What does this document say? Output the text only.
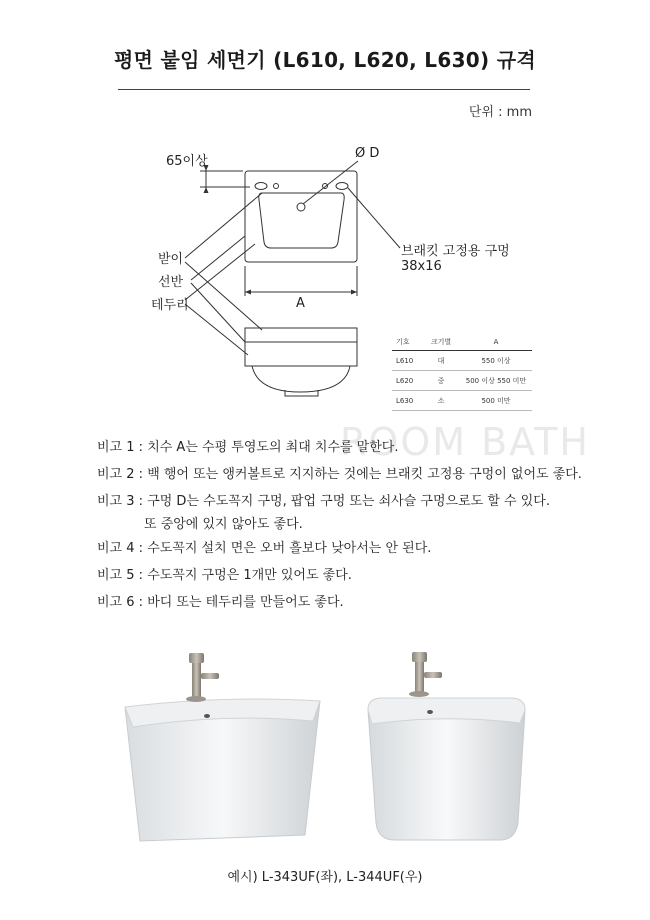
평면 붙임 세면기 (L610, L620, L630) 규격
단위 : mm
65이상
Ø D
브래킷 고정용 구멍
38x16
받이
선반
테두리	A
기호	크기별	A
L610	대	550 이상
L620	중	500 이상 550 미만
L630	소	500 미만
ROOM BATH
비고 1 : 치수 A는 수평 투영도의 최대 치수를 말한다.
비고 2 : 백 행어 또는 앵커볼트로 지지하는 것에는 브래킷 고정용 구멍이 없어도 좋다.
비고 3 : 구멍 D는 수도꼭지 구멍, 팝업 구멍 또는 쇠사슬 구멍으로도 할 수 있다.
또 중앙에 있지 않아도 좋다.
비고 4 : 수도꼭지 설치 면은 오버 흘보다 낮아서는 안 된다.
비고 5 : 수도꼭지 구멍은 1개만 있어도 좋다.
비고 6 : 바디 또는 테두리를 만들어도 좋다.
예시) L-343UF(좌), L-344UF(우)
